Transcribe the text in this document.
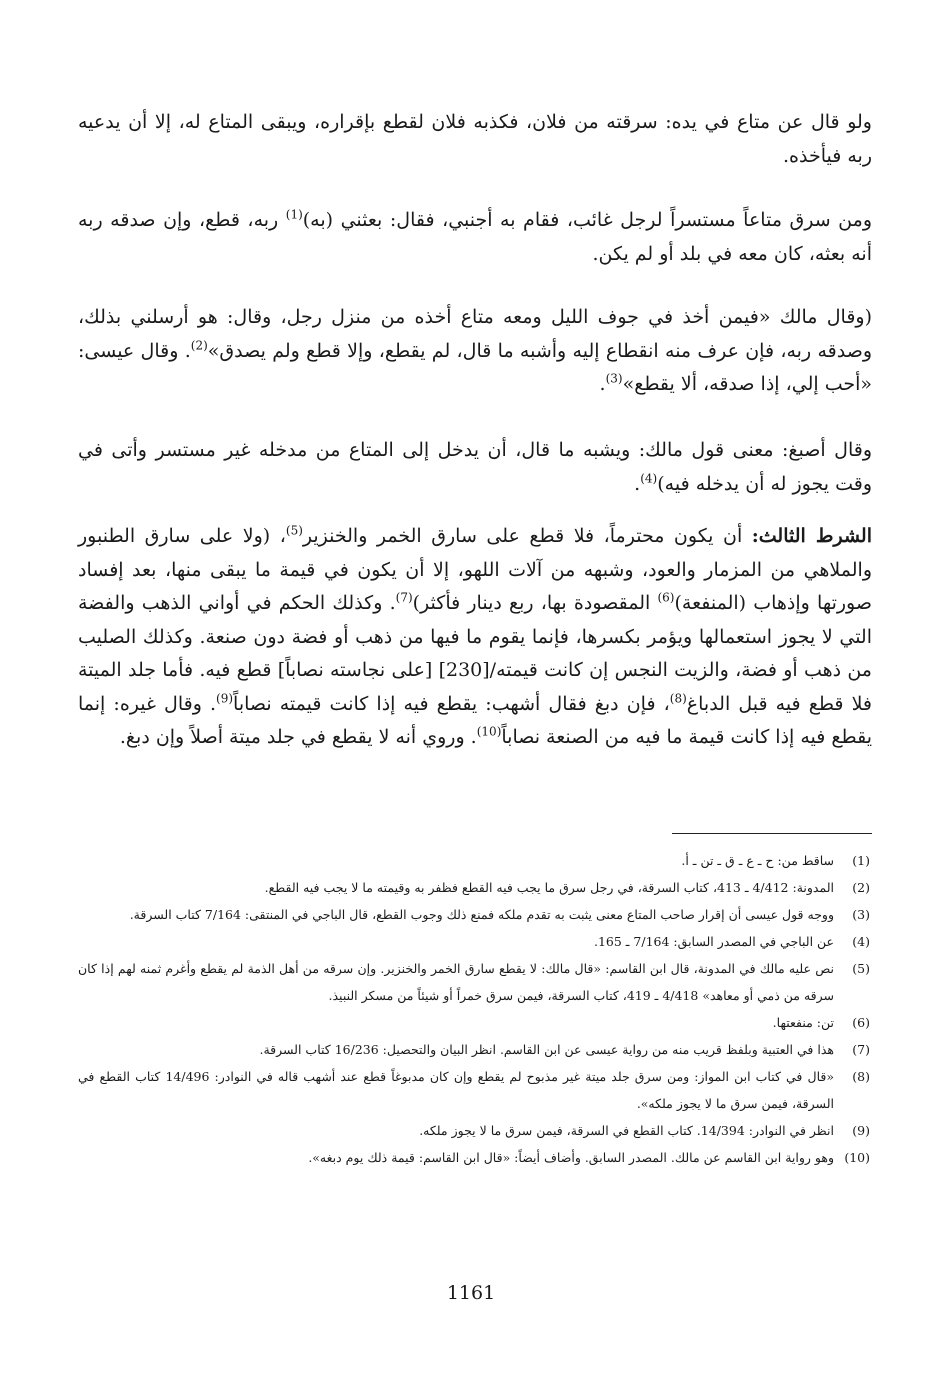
ولو قال عن متاع في يده: سرقته من فلان، فكذبه فلان لقطع بإقراره، ويبقى المتاع له، إلا أن يدعيه ربه فيأخذه.

ومن سرق متاعاً مستسراً لرجل غائب، فقام به أجنبي، فقال: بعثني (به)$^{(1)}$ ربه، قطع، وإن صدقه ربه أنه بعثه، كان معه في بلد أو لم يكن.

(وقال مالك «فيمن أخذ في جوف الليل ومعه متاع أخذه من منزل رجل، وقال: هو أرسلني بذلك، وصدقه ربه، فإن عرف منه انقطاع إليه وأشبه ما قال، لم يقطع، وإلا قطع ولم يصدق»$^{(2)}$. وقال عيسى: «أحب إلي، إذا صدقه، ألا يقطع»$^{(3)}$.

وقال أصبغ: معنى قول مالك: ويشبه ما قال، أن يدخل إلى المتاع من مدخله غير مستسر وأتى في وقت يجوز له أن يدخله فيه)$^{(4)}$.

الشرط الثالث: أن يكون محترماً، فلا قطع على سارق الخمر والخنزير$^{(5)}$، (ولا على سارق الطنبور والملاهي من المزمار والعود، وشبهه من آلات اللهو، إلا أن يكون في قيمة ما يبقى منها، بعد إفساد صورتها وإذهاب (المنفعة)$^{(6)}$ المقصودة بها، ربع دينار فأكثر)$^{(7)}$. وكذلك الحكم في أواني الذهب والفضة التي لا يجوز استعمالها ويؤمر بكسرها، فإنما يقوم ما فيها من ذهب أو فضة دون صنعة. وكذلك الصليب من ذهب أو فضة، والزيت النجس إن كانت قيمته/[230] [على نجاسته نصاباً] قطع فيه. فأما جلد الميتة فلا قطع فيه قبل الدباغ$^{(8)}$، فإن دبغ فقال أشهب: يقطع فيه إذا كانت قيمته نصاباً$^{(9)}$. وقال غيره: إنما يقطع فيه إذا كانت قيمة ما فيه من الصنعة نصاباً$^{(10)}$. وروي أنه لا يقطع في جلد ميتة أصلاً وإن دبغ.

(1)
ساقط من: ح ـ ع ـ ق ـ تن ـ أ.
(2)
المدونة: 4/412 ـ 413، كتاب السرقة، في رجل سرق ما يجب فيه القطع فظفر به وقيمته ما لا يجب فيه القطع.
(3)
ووجه قول عيسى أن إقرار صاحب المتاع معنى يثبت به تقدم ملكه فمنع ذلك وجوب القطع، قال الباجي في المنتقى: 7/164 كتاب السرقة.
(4)
عن الباجي في المصدر السابق: 7/164 ـ 165.
(5)
نص عليه مالك في المدونة، قال ابن القاسم: «قال مالك: لا يقطع سارق الخمر والخنزير. وإن سرقه من أهل الذمة لم يقطع وأغرم ثمنه لهم إذا كان سرقه من ذمي أو معاهد» 4/418 ـ 419، كتاب السرقة، فيمن سرق خمراً أو شيئاً من مسكر النبيذ.
(6)
تن: منفعتها.
(7)
هذا في العتبية وبلفظ قريب منه من رواية عيسى عن ابن القاسم. انظر البيان والتحصيل: 16/236 كتاب السرقة.
(8)
«قال في كتاب ابن المواز: ومن سرق جلد ميتة غير مذبوح لم يقطع وإن كان مدبوغاً قطع عند أشهب قاله في النوادر: 14/496 كتاب القطع في السرقة، فيمن سرق ما لا يجوز ملكه».
(9)
انظر في النوادر: 14/394. كتاب القطع في السرقة، فيمن سرق ما لا يجوز ملكه.
(10)
وهو رواية ابن القاسم عن مالك. المصدر السابق. وأضاف أيضاً: «قال ابن القاسم: قيمة ذلك يوم دبغه».
1161
